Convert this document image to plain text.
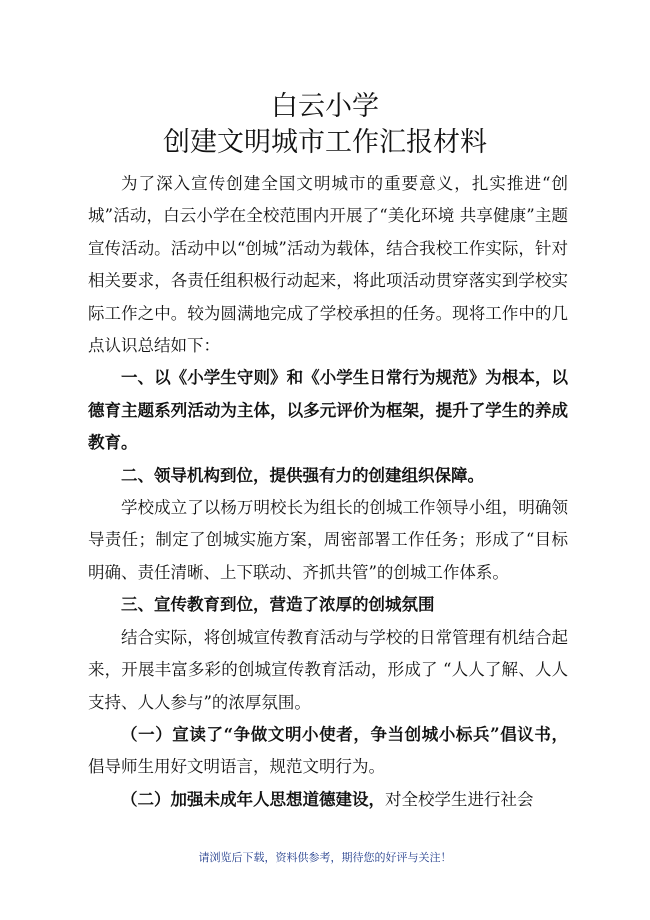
白云小学
创建文明城市工作汇报材料

为了深入宣传创建全国文明城市的重要意义，扎实推进“创城”活动，白云小学在全校范围内开展了“美化环境 共享健康”主题宣传活动。活动中以“创城”活动为载体，结合我校工作实际，针对相关要求，各责任组积极行动起来，将此项活动贯穿落实到学校实际工作之中。较为圆满地完成了学校承担的任务。现将工作中的几点认识总结如下：

一、以《小学生守则》和《小学生日常行为规范》为根本，以德育主题系列活动为主体，以多元评价为框架，提升了学生的养成教育。

二、领导机构到位，提供强有力的创建组织保障。

学校成立了以杨万明校长为组长的创城工作领导小组，明确领导责任；制定了创城实施方案，周密部署工作任务；形成了“目标明确、责任清晰、上下联动、齐抓共管”的创城工作体系。

三、宣传教育到位，营造了浓厚的创城氛围

结合实际，将创城宣传教育活动与学校的日常管理有机结合起来，开展丰富多彩的创城宣传教育活动，形成了 “人人了解、人人支持、人人参与”的浓厚氛围。

（一）宣读了“争做文明小使者，争当创城小标兵”倡议书，倡导师生用好文明语言，规范文明行为。

（二）加强未成年人思想道德建设，对全校学生进行社会

请浏览后下载，资料供参考，期待您的好评与关注！
